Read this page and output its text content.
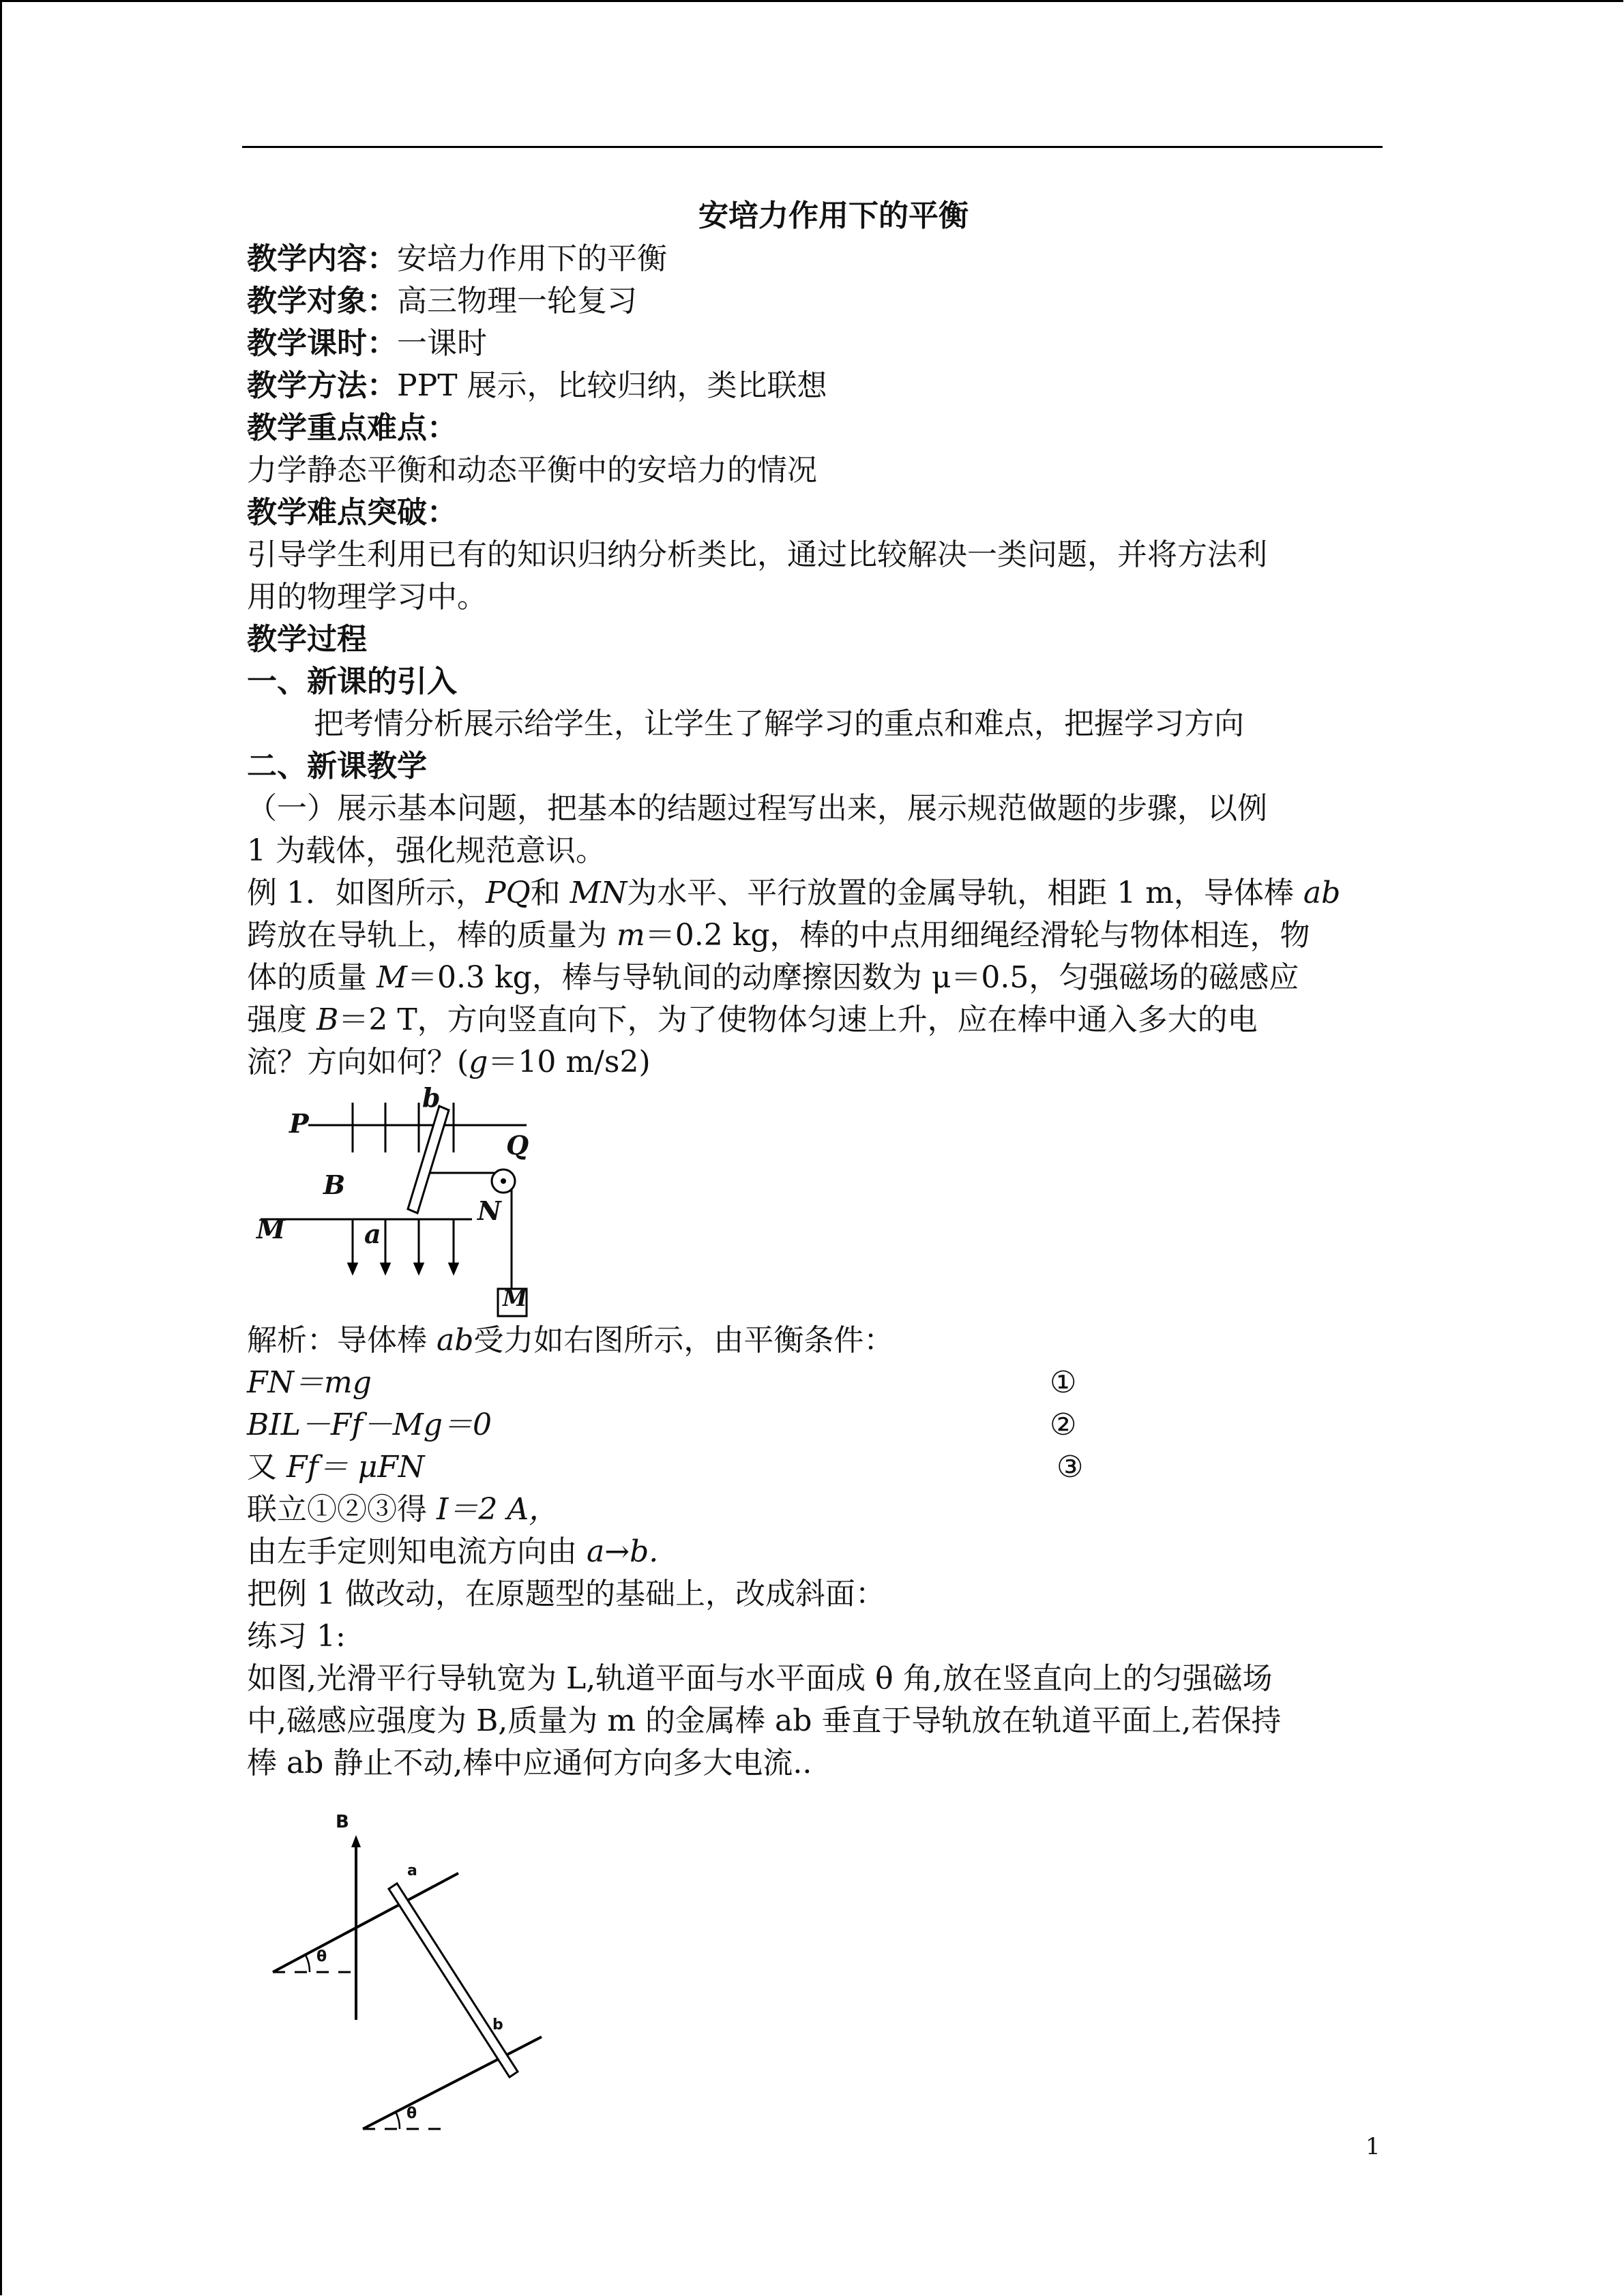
安培力作用下的平衡
教学内容：安培力作用下的平衡
教学对象：高三物理一轮复习
教学课时：一课时
教学方法：PPT 展示，比较归纳，类比联想
教学重点难点：
力学静态平衡和动态平衡中的安培力的情况
教学难点突破：
引导学生利用已有的知识归纳分析类比，通过比较解决一类问题，并将方法利
用的物理学习中。
教学过程
一、新课的引入
把考情分析展示给学生，让学生了解学习的重点和难点，把握学习方向
二、新课教学
（一）展示基本问题，把基本的结题过程写出来，展示规范做题的步骤，以例
1 为载体，强化规范意识。
例 1．如图所示，PQ和 MN为水平、平行放置的金属导轨，相距 1 m，导体棒 ab
跨放在导轨上，棒的质量为 m＝0.2 kg，棒的中点用细绳经滑轮与物体相连，物
体的质量 M＝0.3 kg，棒与导轨间的动摩擦因数为 μ＝0.5，匀强磁场的磁感应
强度 B＝2 T，方向竖直向下，为了使物体匀速上升，应在棒中通入多大的电
流？方向如何？(g＝10 m/s2)
b
P
Q
B
M	a
N
M
解析：导体棒 ab受力如右图所示，由平衡条件：
FN＝mg	①
BIL－Ff－Mg＝0	②
又 Ff＝ μFN	③
联立①②③得 I＝2 A，
由左手定则知电流方向由 a→b.
把例 1 做改动，在原题型的基础上，改成斜面：
练习 1:
如图,光滑平行导轨宽为 L,轨道平面与水平面成 θ 角,放在竖直向上的匀强磁场
中,磁感应强度为 B,质量为 m 的金属棒 ab 垂直于导轨放在轨道平面上,若保持
棒 ab 静止不动,棒中应通何方向多大电流..
B
a
b
θ
θ
1
